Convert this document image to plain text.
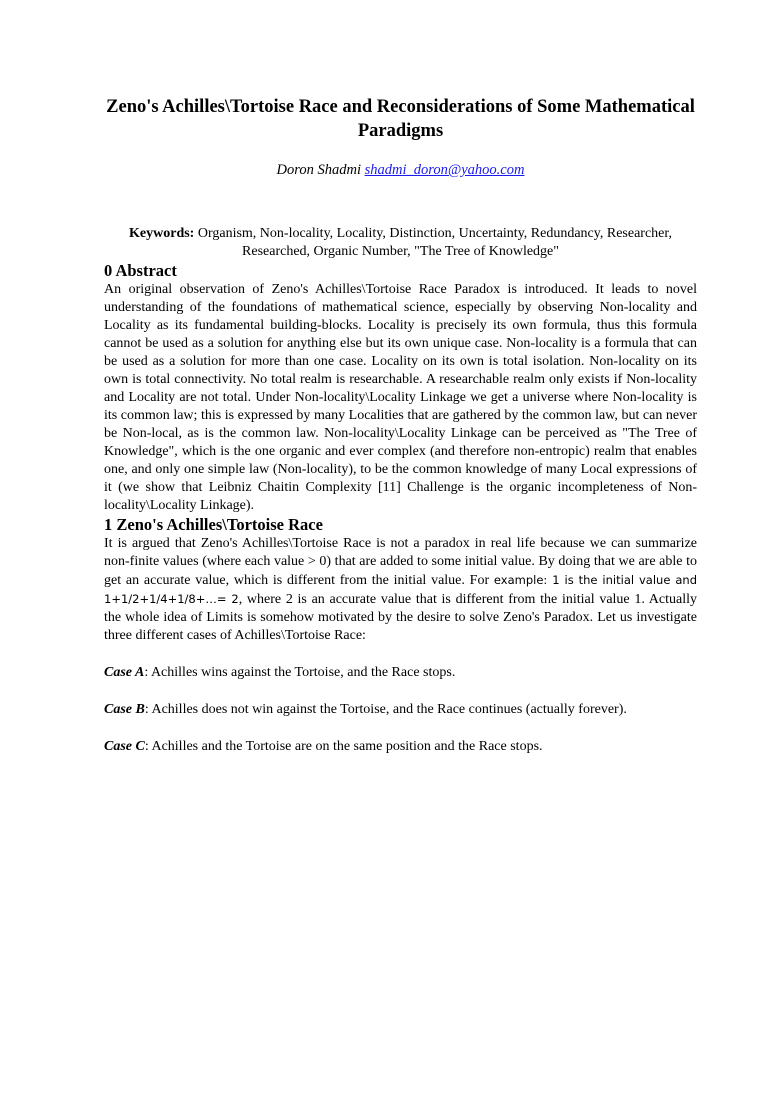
Zeno's Achilles\Tortoise Race and Reconsiderations of Some Mathematical Paradigms
Doron Shadmi shadmi_doron@yahoo.com
Keywords: Organism, Non-locality, Locality, Distinction, Uncertainty, Redundancy, Researcher, Researched, Organic Number, "The Tree of Knowledge"
0 Abstract

An original observation of Zeno's Achilles\Tortoise Race Paradox is introduced. It leads to novel understanding of the foundations of mathematical science, especially by observing Non-locality and Locality as its fundamental building-blocks. Locality is precisely its own formula, thus this formula cannot be used as a solution for anything else but its own unique case. Non-locality is a formula that can be used as a solution for more than one case. Locality on its own is total isolation. Non-locality on its own is total connectivity. No total realm is researchable. A researchable realm only exists if Non-locality and Locality are not total. Under Non-locality\Locality Linkage we get a universe where Non-locality is its common law; this is expressed by many Localities that are gathered by the common law, but can never be Non-local, as is the common law. Non-locality\Locality Linkage can be perceived as "The Tree of Knowledge", which is the one organic and ever complex (and therefore non-entropic) realm that enables one, and only one simple law (Non-locality), to be the common knowledge of many Local expressions of it (we show that Leibniz Chaitin Complexity [11] Challenge is the organic incompleteness of Non-locality\Locality Linkage).

1 Zeno's Achilles\Tortoise Race

It is argued that Zeno's Achilles\Tortoise Race is not a paradox in real life because we can summarize non-finite values (where each value > 0) that are added to some initial value. By doing that we are able to get an accurate value, which is different from the initial value. For example: 1 is the initial value and 1+1/2+1/4+1/8+…= 2, where 2 is an accurate value that is different from the initial value 1. Actually the whole idea of Limits is somehow motivated by the desire to solve Zeno's Paradox. Let us investigate three different cases of Achilles\Tortoise Race:

Case A: Achilles wins against the Tortoise, and the Race stops.

Case B: Achilles does not win against the Tortoise, and the Race continues (actually forever).

Case C: Achilles and the Tortoise are on the same position and the Race stops.
